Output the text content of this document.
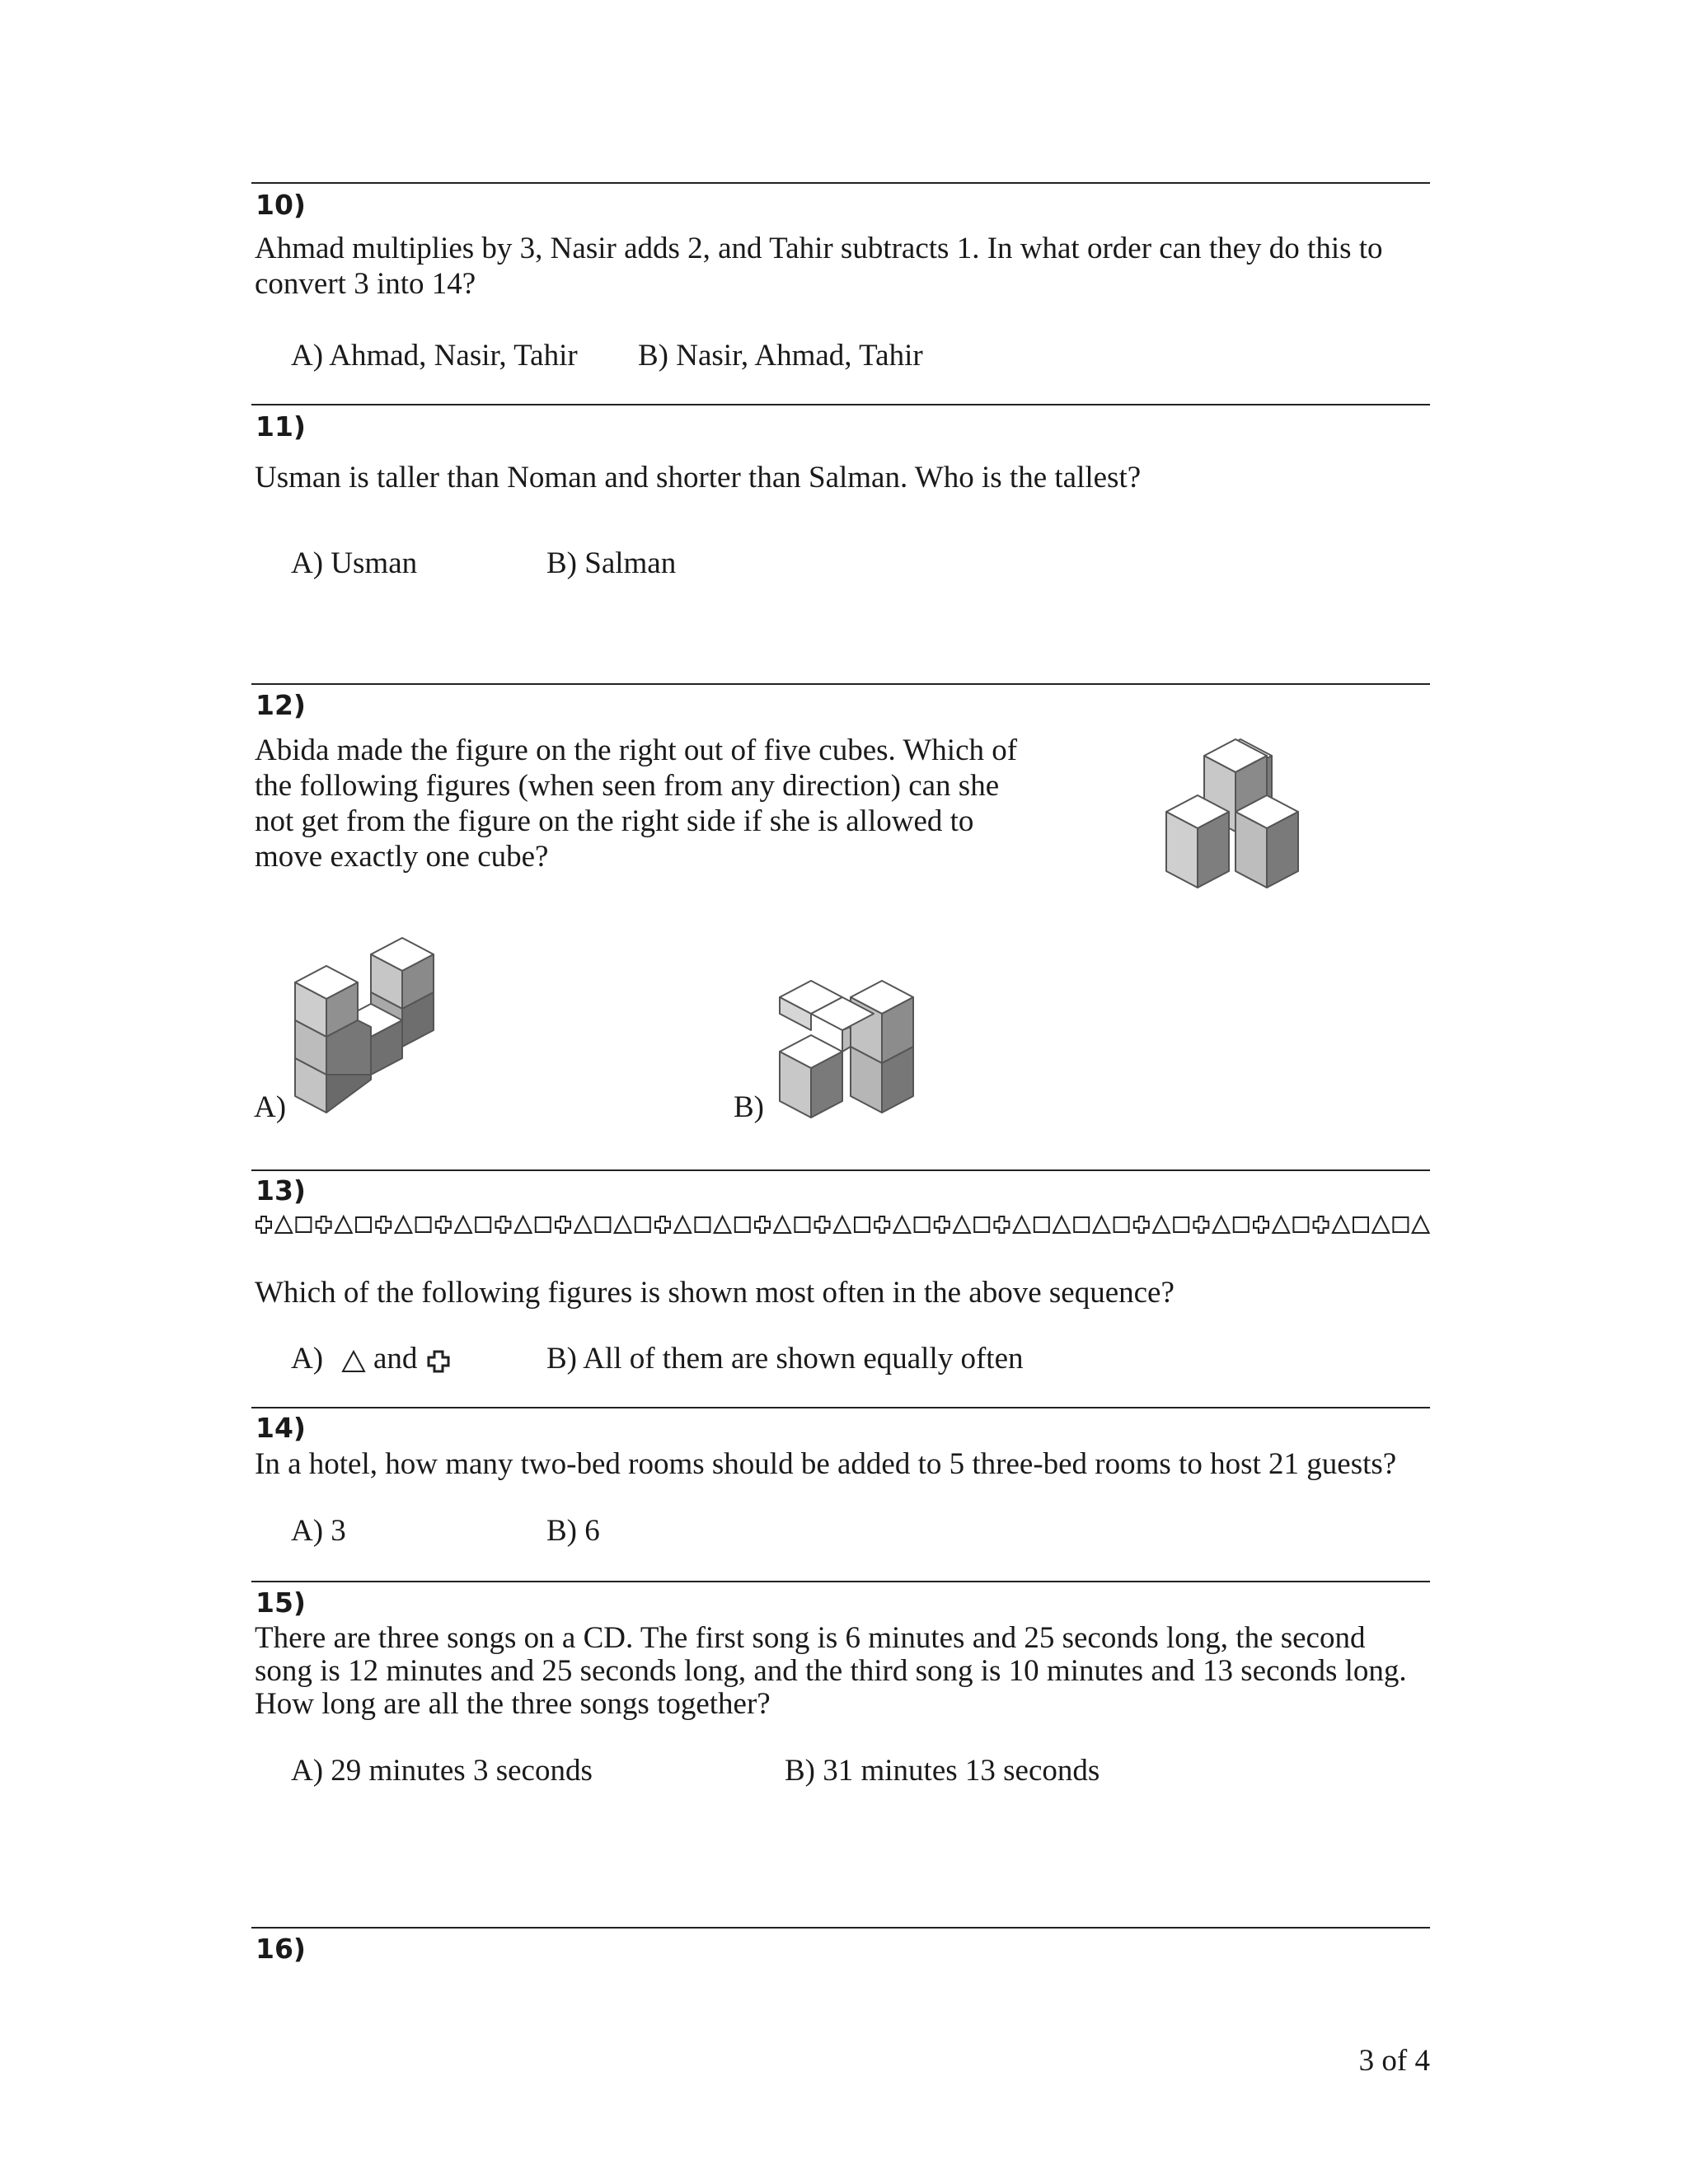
10)
Ahmad multiplies by 3, Nasir adds 2, and Tahir subtracts 1. In what order can they do this to convert 3 into 14?
A) Ahmad, Nasir, Tahir B) Nasir, Ahmad, Tahir
11)
Usman is taller than Noman and shorter than Salman. Who is the tallest?
A) Usman	B) Salman
12)
Abida made the figure on the right out of five cubes. Which of the following figures (when seen from any direction) can she not get from the figure on the right side if she is allowed to move exactly one cube?
A)	B)
13)
Which of the following figures is shown most often in the above sequence?
A) and	B) All of them are shown equally often
14)
In a hotel, how many two-bed rooms should be added to 5 three-bed rooms to host 21 guests?
A) 3	B) 6
15)
There are three songs on a CD. The first song is 6 minutes and 25 seconds long, the second song is 12 minutes and 25 seconds long, and the third song is 10 minutes and 13 seconds long. How long are all the three songs together?
A) 29 minutes 3 seconds	B) 31 minutes 13 seconds
16)
3 of 4
